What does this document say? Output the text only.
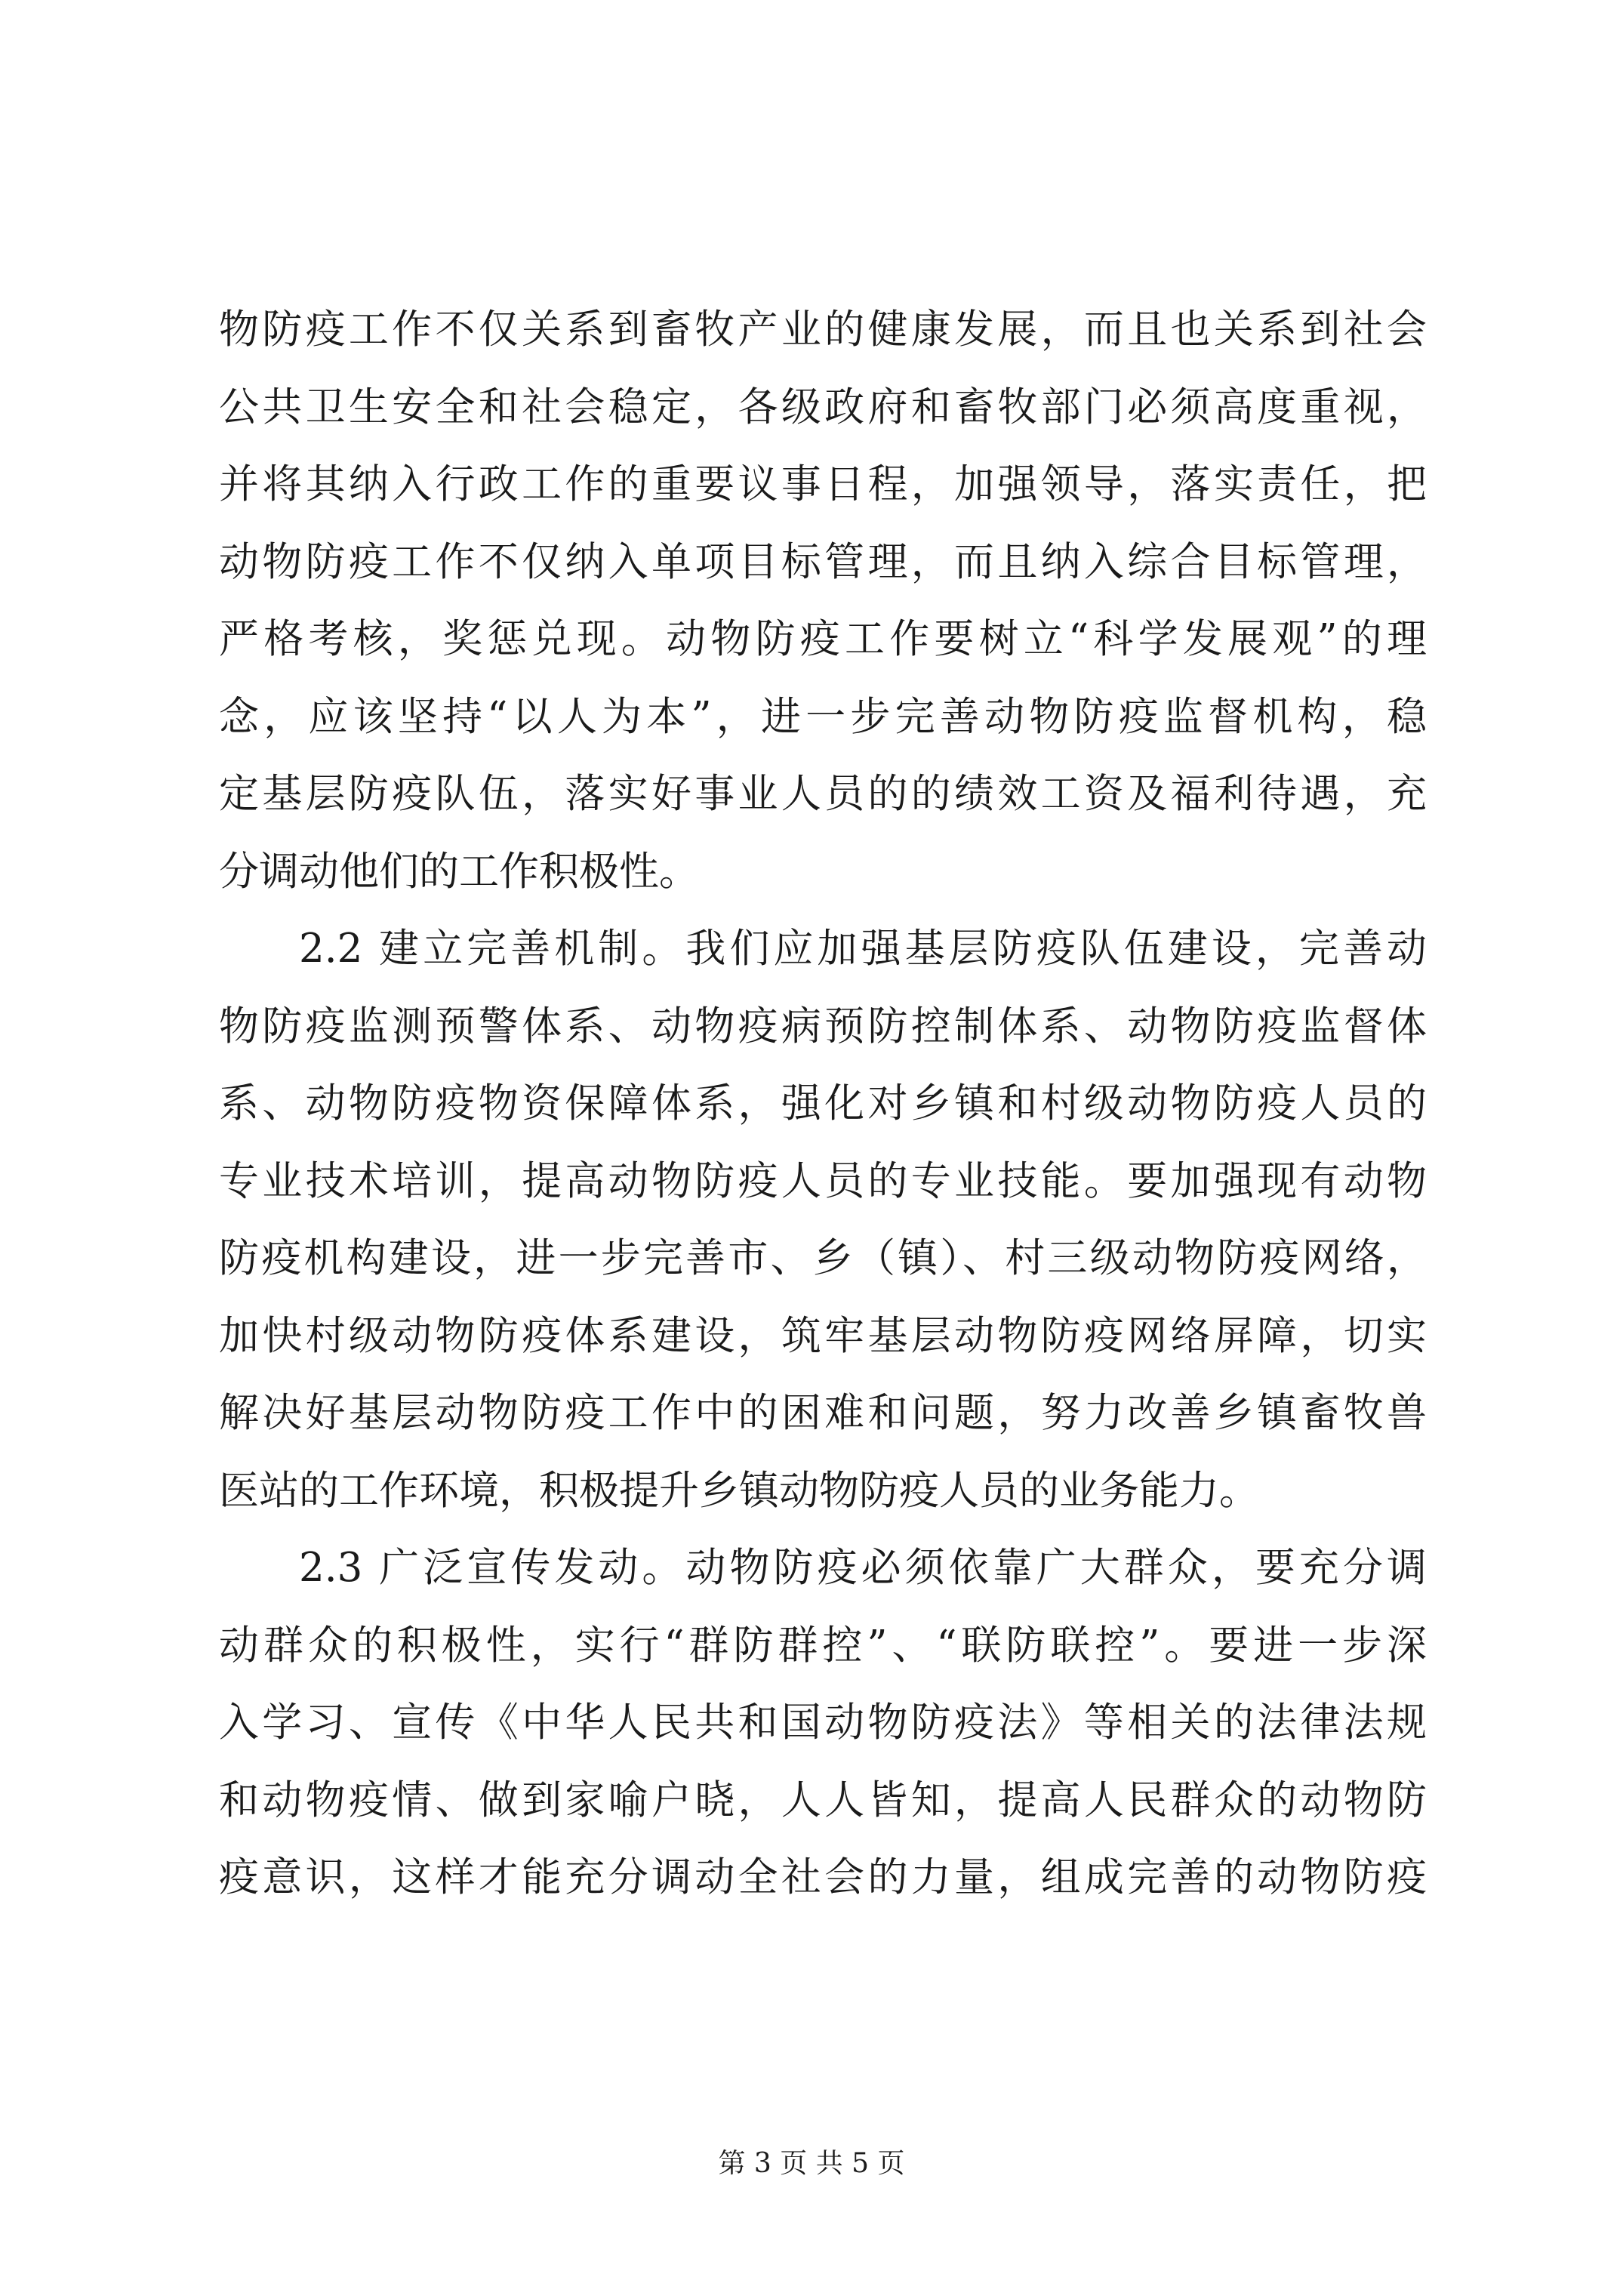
物防疫工作不仅关系到畜牧产业的健康发展，而且也关系到社会
公共卫生安全和社会稳定，各级政府和畜牧部门必须高度重视，
并将其纳入行政工作的重要议事日程，加强领导，落实责任，把
动物防疫工作不仅纳入单项目标管理，而且纳入综合目标管理，
严格考核，奖惩兑现。动物防疫工作要树立“科学发展观”的理
念，应该坚持“以人为本”，进一步完善动物防疫监督机构，稳
定基层防疫队伍，落实好事业人员的的绩效工资及福利待遇，充
分调动他们的工作积极性。
2.2 建立完善机制。我们应加强基层防疫队伍建设，完善动
物防疫监测预警体系、动物疫病预防控制体系、动物防疫监督体
系、动物防疫物资保障体系，强化对乡镇和村级动物防疫人员的
专业技术培训，提高动物防疫人员的专业技能。要加强现有动物
防疫机构建设，进一步完善市、乡（镇）、村三级动物防疫网络，
加快村级动物防疫体系建设，筑牢基层动物防疫网络屏障，切实
解决好基层动物防疫工作中的困难和问题，努力改善乡镇畜牧兽
医站的工作环境，积极提升乡镇动物防疫人员的业务能力。
2.3 广泛宣传发动。动物防疫必须依靠广大群众，要充分调
动群众的积极性，实行“群防群控”、“联防联控”。要进一步深
入学习、宣传《中华人民共和国动物防疫法》等相关的法律法规
和动物疫情、做到家喻户晓，人人皆知，提高人民群众的动物防
疫意识，这样才能充分调动全社会的力量，组成完善的动物防疫
第 3 页 共 5 页
